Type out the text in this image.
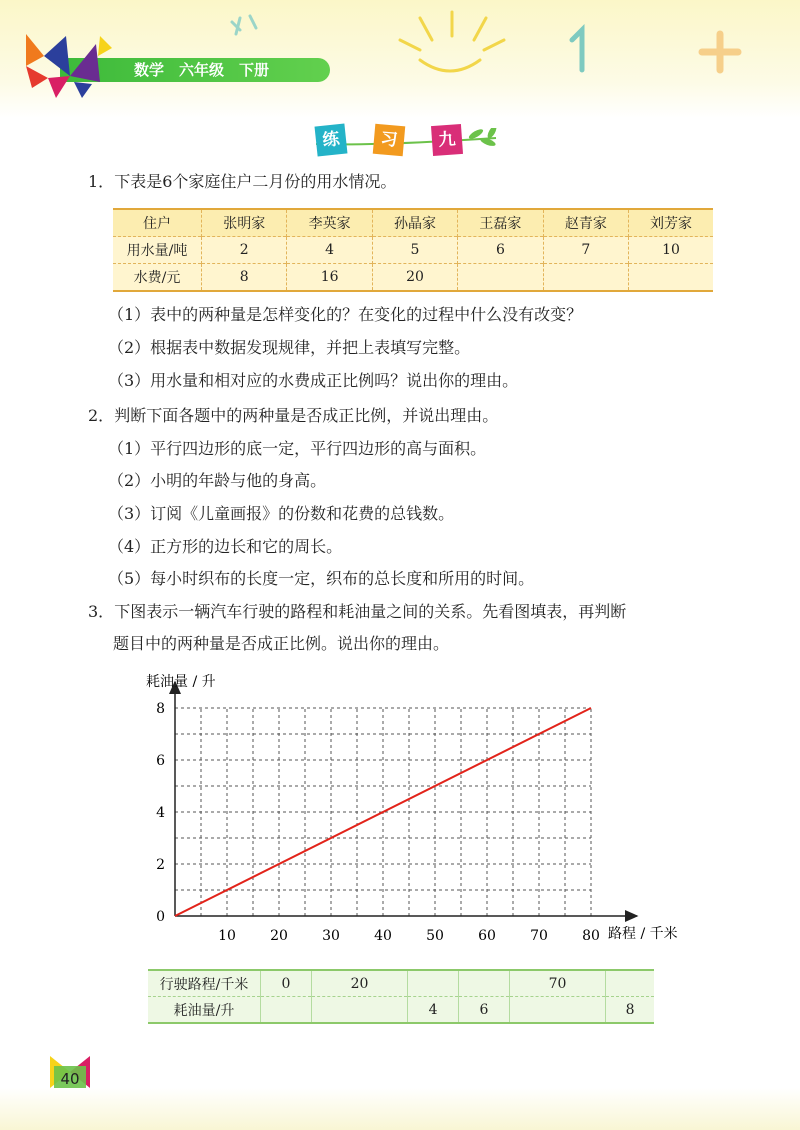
数学　六年级　下册
练	习	九
1．下表是6个家庭住户二月份的用水情况。
住户	张明家	李英家	孙晶家	王磊家	赵青家	刘芳家
用水量/吨	2	4	5	6	7	10
水费/元	8	16	20			
（1）表中的两种量是怎样变化的？在变化的过程中什么没有改变？
（2）根据表中数据发现规律，并把上表填写完整。
（3）用水量和相对应的水费成正比例吗？说出你的理由。
2．判断下面各题中的两种量是否成正比例，并说出理由。
（1）平行四边形的底一定，平行四边形的高与面积。
（2）小明的年龄与他的身高。
（3）订阅《儿童画报》的份数和花费的总钱数。
（4）正方形的边长和它的周长。
（5）每小时织布的长度一定，织布的总长度和所用的时间。
3．下图表示一辆汽车行驶的路程和耗油量之间的关系。先看图填表，再判断
题目中的两种量是否成正比例。说出你的理由。
10 20 30 40 50 60 70 80
0
2
4
6
8
耗油量 / 升
路程 / 千米
行驶路程/千米	0	20			70	
耗油量/升			4	6		8
40
